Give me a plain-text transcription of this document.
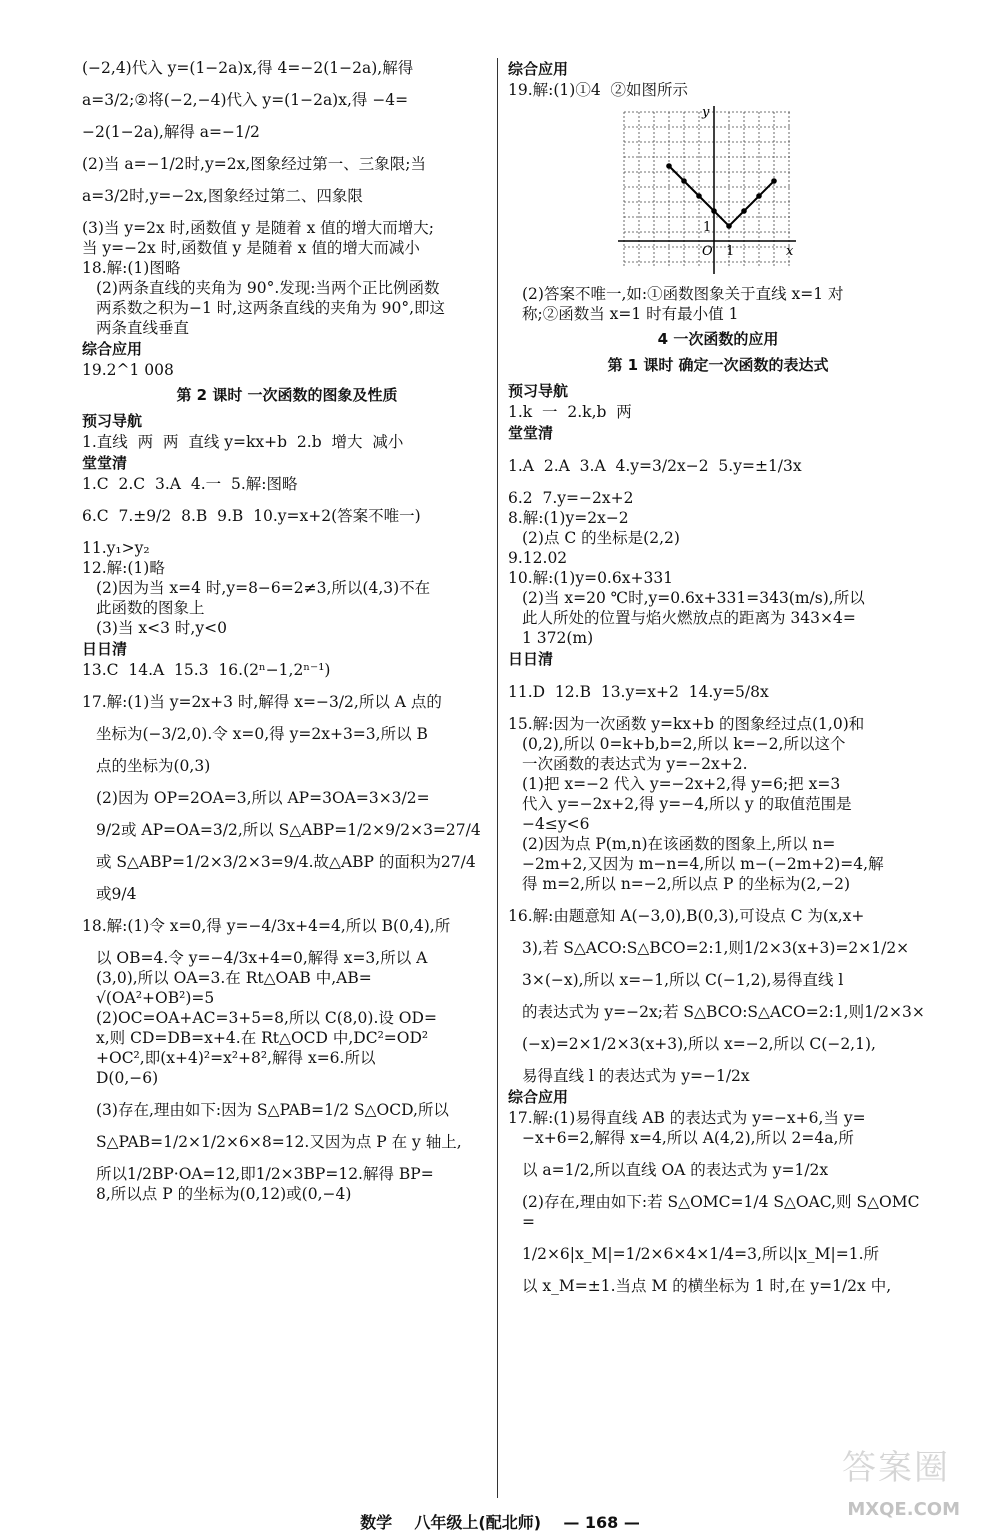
(−2,4)代入 y=(1−2a)x,得 4=−2(1−2a),解得

a=3/2;②将(−2,−4)代入 y=(1−2a)x,得 −4=

−2(1−2a),解得 a=−1/2

(2)当 a=−1/2时,y=2x,图象经过第一、三象限;当

a=3/2时,y=−2x,图象经过第二、四象限

(3)当 y=2x 时,函数值 y 是随着 x 值的增大而增大;

当 y=−2x 时,函数值 y 是随着 x 值的增大而减小

18.解:(1)图略

(2)两条直线的夹角为 90°.发现:当两个正比例函数

两系数之积为−1 时,这两条直线的夹角为 90°,即这

两条直线垂直

综合应用

19.2^1 008

第 2 课时 一次函数的图象及性质

预习导航

1.直线  两  两  直线 y=kx+b  2.b  增大  减小

堂堂清

1.C  2.C  3.A  4.一  5.解:图略

6.C  7.±9/2  8.B  9.B  10.y=x+2(答案不唯一)

11.y₁>y₂

12.解:(1)略

(2)因为当 x=4 时,y=8−6=2≠3,所以(4,3)不在

此函数的图象上

(3)当 x<3 时,y<0

日日清

13.C  14.A  15.3  16.(2ⁿ−1,2ⁿ⁻¹)

17.解:(1)当 y=2x+3 时,解得 x=−3/2,所以 A 点的

坐标为(−3/2,0).令 x=0,得 y=2x+3=3,所以 B

点的坐标为(0,3)

(2)因为 OP=2OA=3,所以 AP=3OA=3×3/2=

9/2或 AP=OA=3/2,所以 S△ABP=1/2×9/2×3=27/4

或 S△ABP=1/2×3/2×3=9/4.故△ABP 的面积为27/4

或9/4

18.解:(1)令 x=0,得 y=−4/3x+4=4,所以 B(0,4),所

以 OB=4.令 y=−4/3x+4=0,解得 x=3,所以 A

(3,0),所以 OA=3.在 Rt△OAB 中,AB=

√(OA²+OB²)=5

(2)OC=OA+AC=3+5=8,所以 C(8,0).设 OD=

x,则 CD=DB=x+4.在 Rt△OCD 中,DC²=OD²

+OC²,即(x+4)²=x²+8²,解得 x=6.所以

D(0,−6)

(3)存在,理由如下:因为 S△PAB=1/2 S△OCD,所以

S△PAB=1/2×1/2×6×8=12.又因为点 P 在 y 轴上,

所以1/2BP·OA=12,即1/2×3BP=12.解得 BP=

8,所以点 P 的坐标为(0,12)或(0,−4)

综合应用

19.解:(1)①4  ②如图所示

y
x
O 1
1

(2)答案不唯一,如:①函数图象关于直线 x=1 对

称;②函数当 x=1 时有最小值 1

4 一次函数的应用

第 1 课时 确定一次函数的表达式

预习导航

1.k  一  2.k,b  两

堂堂清

1.A  2.A  3.A  4.y=3/2x−2  5.y=±1/3x

6.2  7.y=−2x+2

8.解:(1)y=2x−2

(2)点 C 的坐标是(2,2)

9.12.02

10.解:(1)y=0.6x+331

(2)当 x=20 ℃时,y=0.6x+331=343(m/s),所以

此人所处的位置与焰火燃放点的距离为 343×4=

1 372(m)

日日清

11.D  12.B  13.y=x+2  14.y=5/8x

15.解:因为一次函数 y=kx+b 的图象经过点(1,0)和

(0,2),所以 0=k+b,b=2,所以 k=−2,所以这个

一次函数的表达式为 y=−2x+2.

(1)把 x=−2 代入 y=−2x+2,得 y=6;把 x=3

代入 y=−2x+2,得 y=−4,所以 y 的取值范围是

−4≤y<6

(2)因为点 P(m,n)在该函数的图象上,所以 n=

−2m+2,又因为 m−n=4,所以 m−(−2m+2)=4,解

得 m=2,所以 n=−2,所以点 P 的坐标为(2,−2)

16.解:由题意知 A(−3,0),B(0,3),可设点 C 为(x,x+

3),若 S△ACO:S△BCO=2:1,则1/2×3(x+3)=2×1/2×

3×(−x),所以 x=−1,所以 C(−1,2),易得直线 l

的表达式为 y=−2x;若 S△BCO:S△ACO=2:1,则1/2×3×

(−x)=2×1/2×3(x+3),所以 x=−2,所以 C(−2,1),

易得直线 l 的表达式为 y=−1/2x

综合应用

17.解:(1)易得直线 AB 的表达式为 y=−x+6,当 y=

−x+6=2,解得 x=4,所以 A(4,2),所以 2=4a,所

以 a=1/2,所以直线 OA 的表达式为 y=1/2x

(2)存在,理由如下:若 S△OMC=1/4 S△OAC,则 S△OMC=

1/2×6|x_M|=1/2×6×4×1/4=3,所以|x_M|=1.所

以 x_M=±1.当点 M 的横坐标为 1 时,在 y=1/2x 中,

数学 八年级上(配北师) — 168 —
答案圈
MXQE.COM
